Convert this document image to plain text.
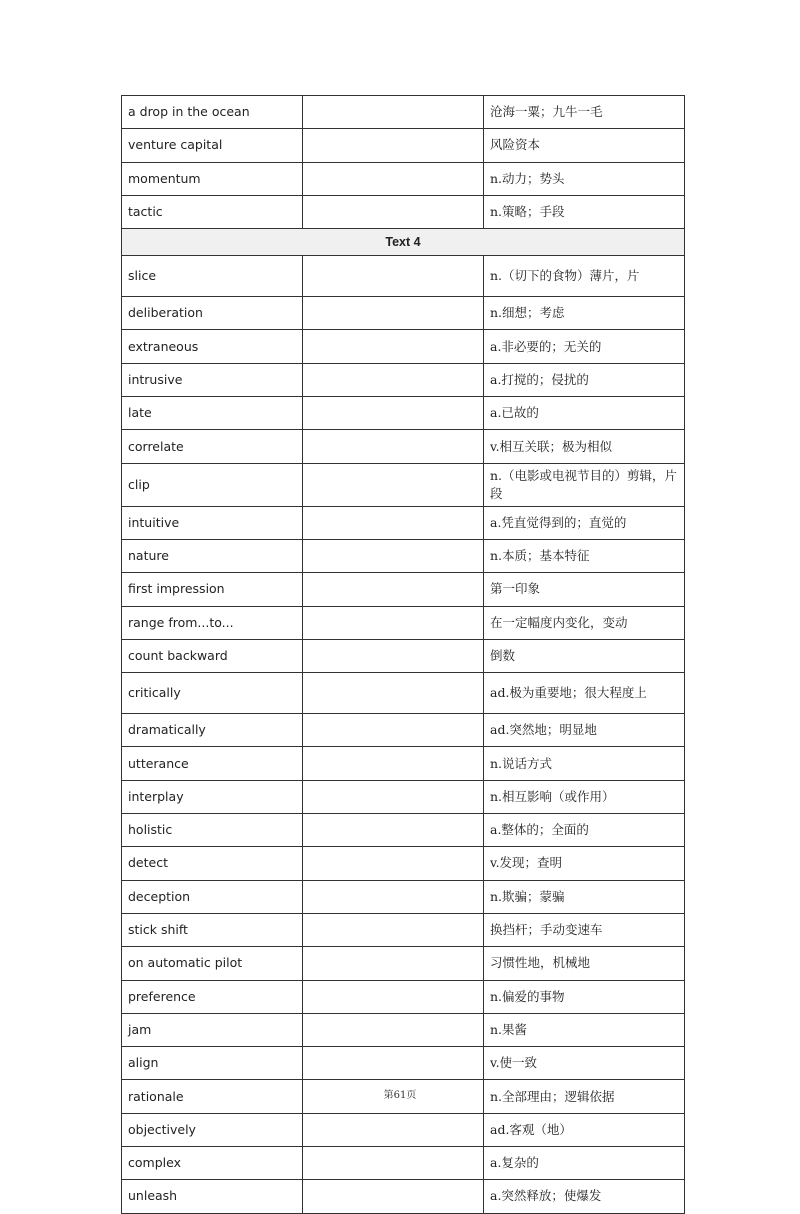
a drop in the ocean		沧海一粟；九牛一毛
venture capital		风险资本
momentum		n.动力；势头
tactic		n.策略；手段
Text 4		
slice		n.（切下的食物）薄片，片
deliberation		n.细想；考虑
extraneous		a.非必要的；无关的
intrusive		a.打搅的；侵扰的
late		a.已故的
correlate		v.相互关联；极为相似
clip		n.（电影或电视节目的）剪辑，片段
intuitive		a.凭直觉得到的；直觉的
nature		n.本质；基本特征
first impression		第一印象
range from...to...		在一定幅度内变化，变动
count backward		倒数
critically		ad.极为重要地；很大程度上
dramatically		ad.突然地；明显地
utterance		n.说话方式
interplay		n.相互影响（或作用）
holistic		a.整体的；全面的
detect		v.发现；查明
deception		n.欺骗；蒙骗
stick shift		换挡杆；手动变速车
on automatic pilot		习惯性地，机械地
preference		n.偏爱的事物
jam		n.果酱
align		v.使一致
rationale		n.全部理由；逻辑依据
objectively		ad.客观（地）
complex		a.复杂的
unleash		a.突然释放；使爆发
第61页
